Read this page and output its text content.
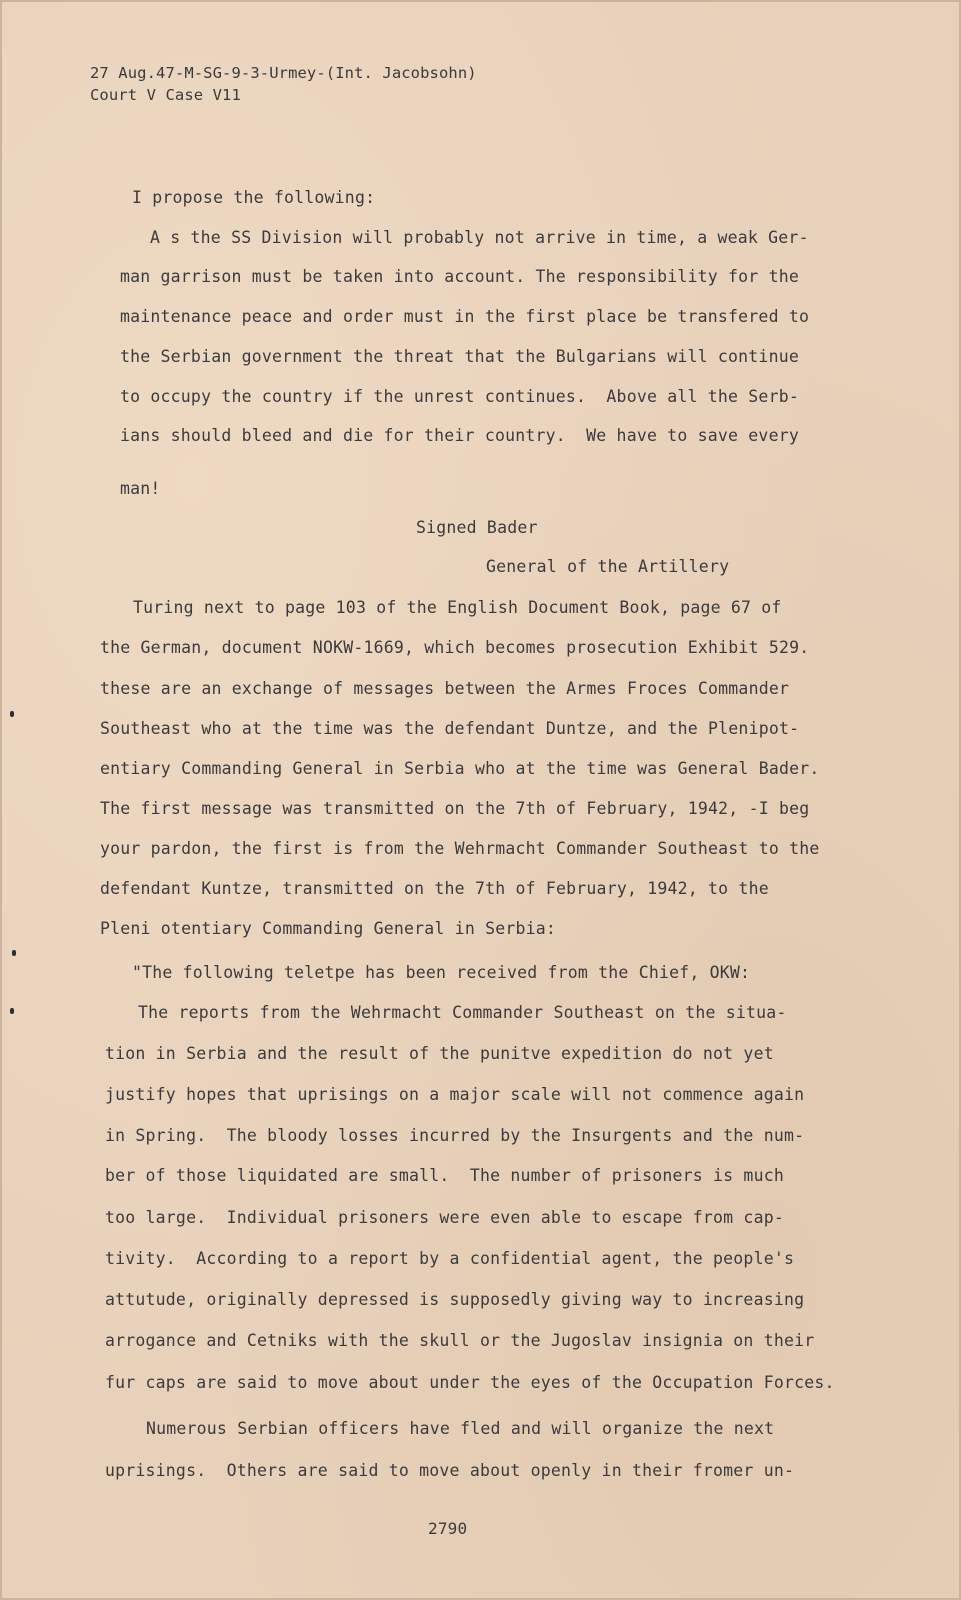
27 Aug.47-M-SG-9-3-Urmey-(Int. Jacobsohn)
Court V Case V11
I propose the following:
A s the SS Division will probably not arrive in time, a weak Ger-
man garrison must be taken into account. The responsibility for the
maintenance peace and order must in the first place be transfered to
the Serbian government the threat that the Bulgarians will continue
to occupy the country if the unrest continues.  Above all the Serb-
ians should bleed and die for their country.  We have to save every
man!
Signed Bader
General of the Artillery
Turing next to page 103 of the English Document Book, page 67 of
the German, document NOKW-1669, which becomes prosecution Exhibit 529.
these are an exchange of messages between the Armes Froces Commander
Southeast who at the time was the defendant Duntze, and the Plenipot-
entiary Commanding General in Serbia who at the time was General Bader.
The first message was transmitted on the 7th of February, 1942, -I beg
your pardon, the first is from the Wehrmacht Commander Southeast to the
defendant Kuntze, transmitted on the 7th of February, 1942, to the
Pleni otentiary Commanding General in Serbia:
"The following teletpe has been received from the Chief, OKW:
The reports from the Wehrmacht Commander Southeast on the situa-
tion in Serbia and the result of the punitve expedition do not yet
justify hopes that uprisings on a major scale will not commence again
in Spring.  The bloody losses incurred by the Insurgents and the num-
ber of those liquidated are small.  The number of prisoners is much
too large.  Individual prisoners were even able to escape from cap-
tivity.  According to a report by a confidential agent, the people's
attutude, originally depressed is supposedly giving way to increasing
arrogance and Cetniks with the skull or the Jugoslav insignia on their
fur caps are said to move about under the eyes of the Occupation Forces.
Numerous Serbian officers have fled and will organize the next
uprisings.  Others are said to move about openly in their fromer un-
2790
